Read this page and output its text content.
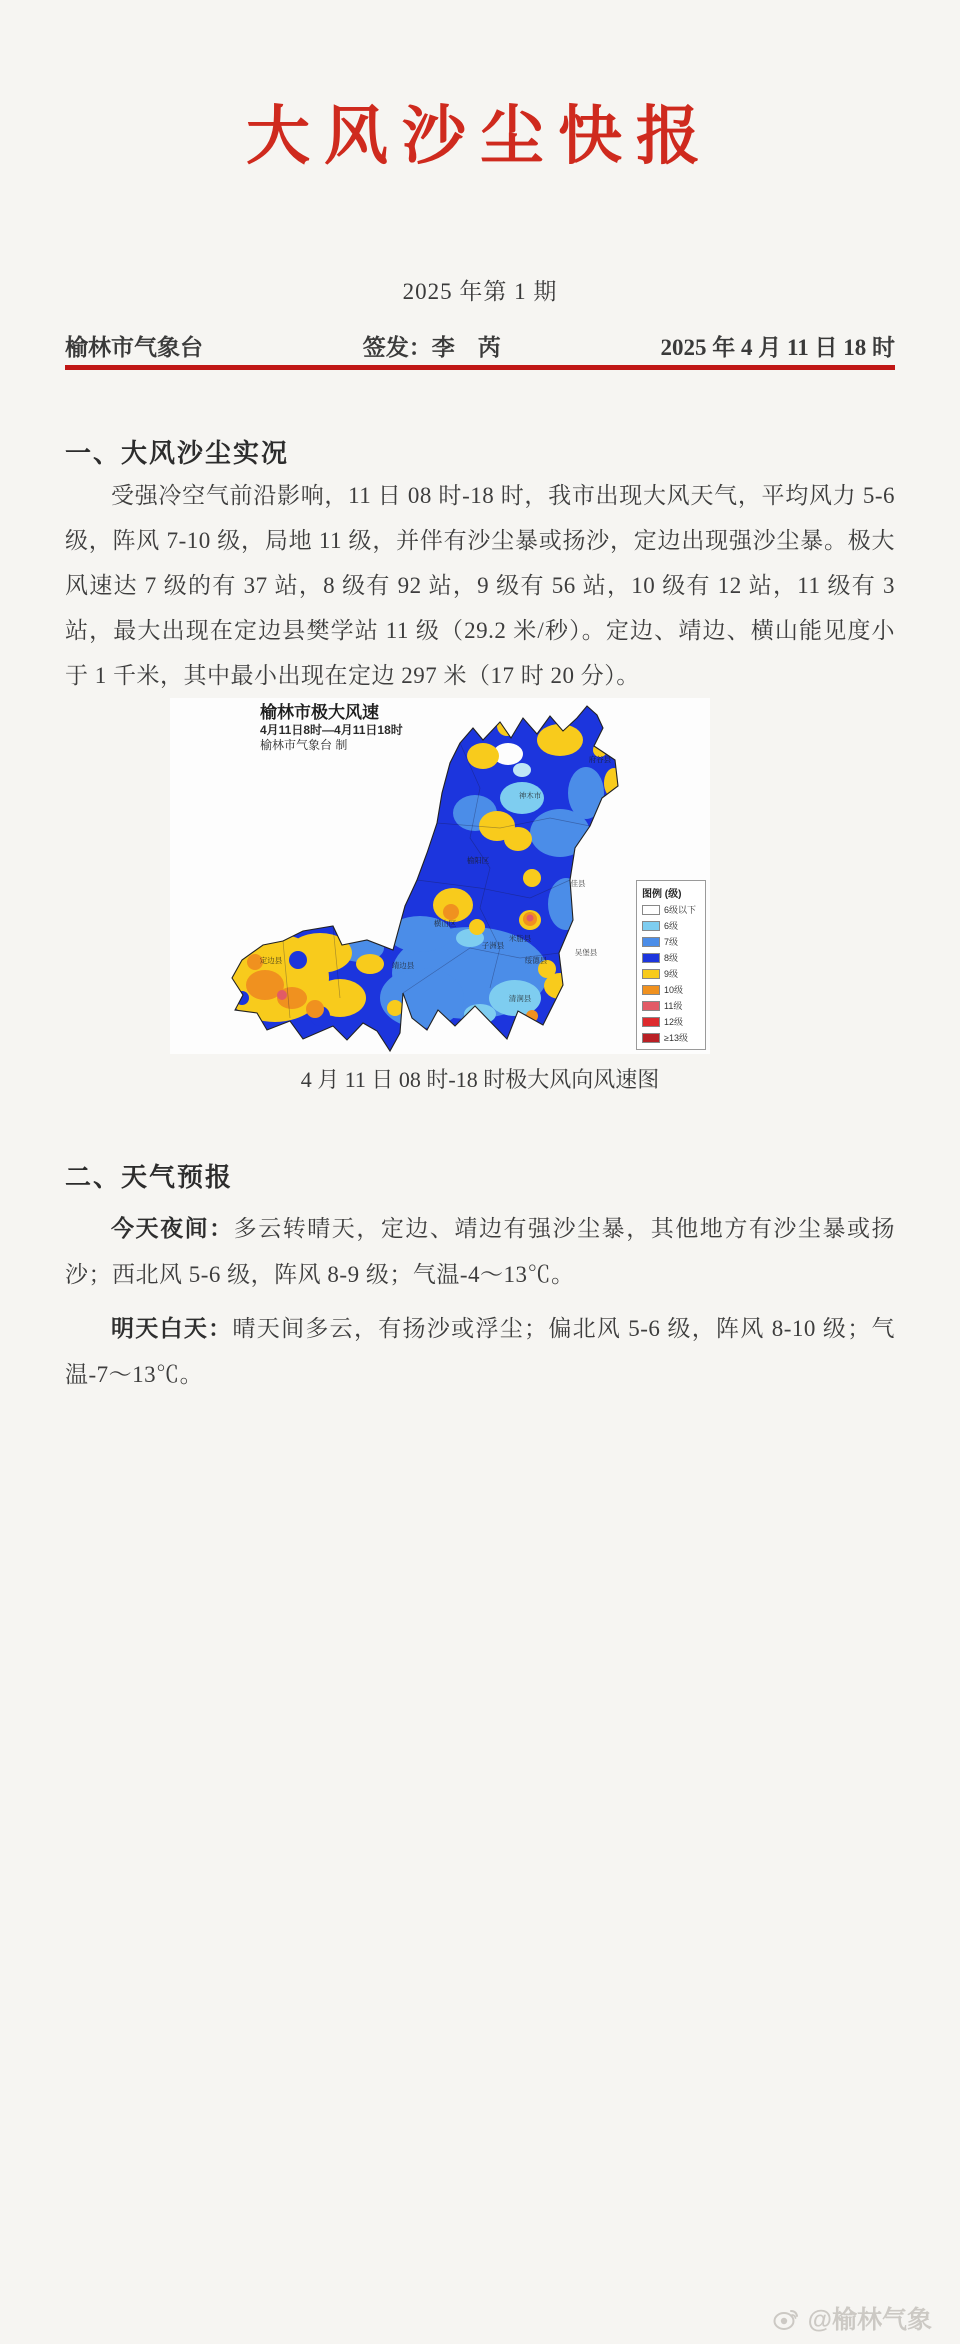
大风沙尘快报
2025 年第 1 期
榆林市气象台	签发：李　芮	2025 年 4 月 11 日 18 时
一、大风沙尘实况

受强冷空气前沿影响，11 日 08 时-18 时，我市出现大风天气，平均风力 5-6 级，阵风 7-10 级，局地 11 级，并伴有沙尘暴或扬沙，定边出现强沙尘暴。极大风速达 7 级的有 37 站，8 级有 92 站，9 级有 56 站，10 级有 12 站，11 级有 3 站，最大出现在定边县樊学站 11 级（29.2 米/秒）。定边、靖边、横山能见度小于 1 千米，其中最小出现在定边 297 米（17 时 20 分）。

府谷县
神木市
榆阳区
佳县
横山区
子洲县
米脂县
绥德县
吴堡县
清涧县
靖边县
定边县
榆林市极大风速
4月11日8时—4月11日18时
榆林市气象台 制
图例 (级)
6级以下
6级
7级
8级
9级
10级
11级
12级
≥13级
4 月 11 日 08 时-18 时极大风向风速图
二、天气预报

今天夜间：多云转晴天，定边、靖边有强沙尘暴，其他地方有沙尘暴或扬沙；西北风 5-6 级，阵风 8-9 级；气温-4～13℃。

明天白天：晴天间多云，有扬沙或浮尘；偏北风 5-6 级，阵风 8-10 级；气温-7～13℃。

@榆林气象
